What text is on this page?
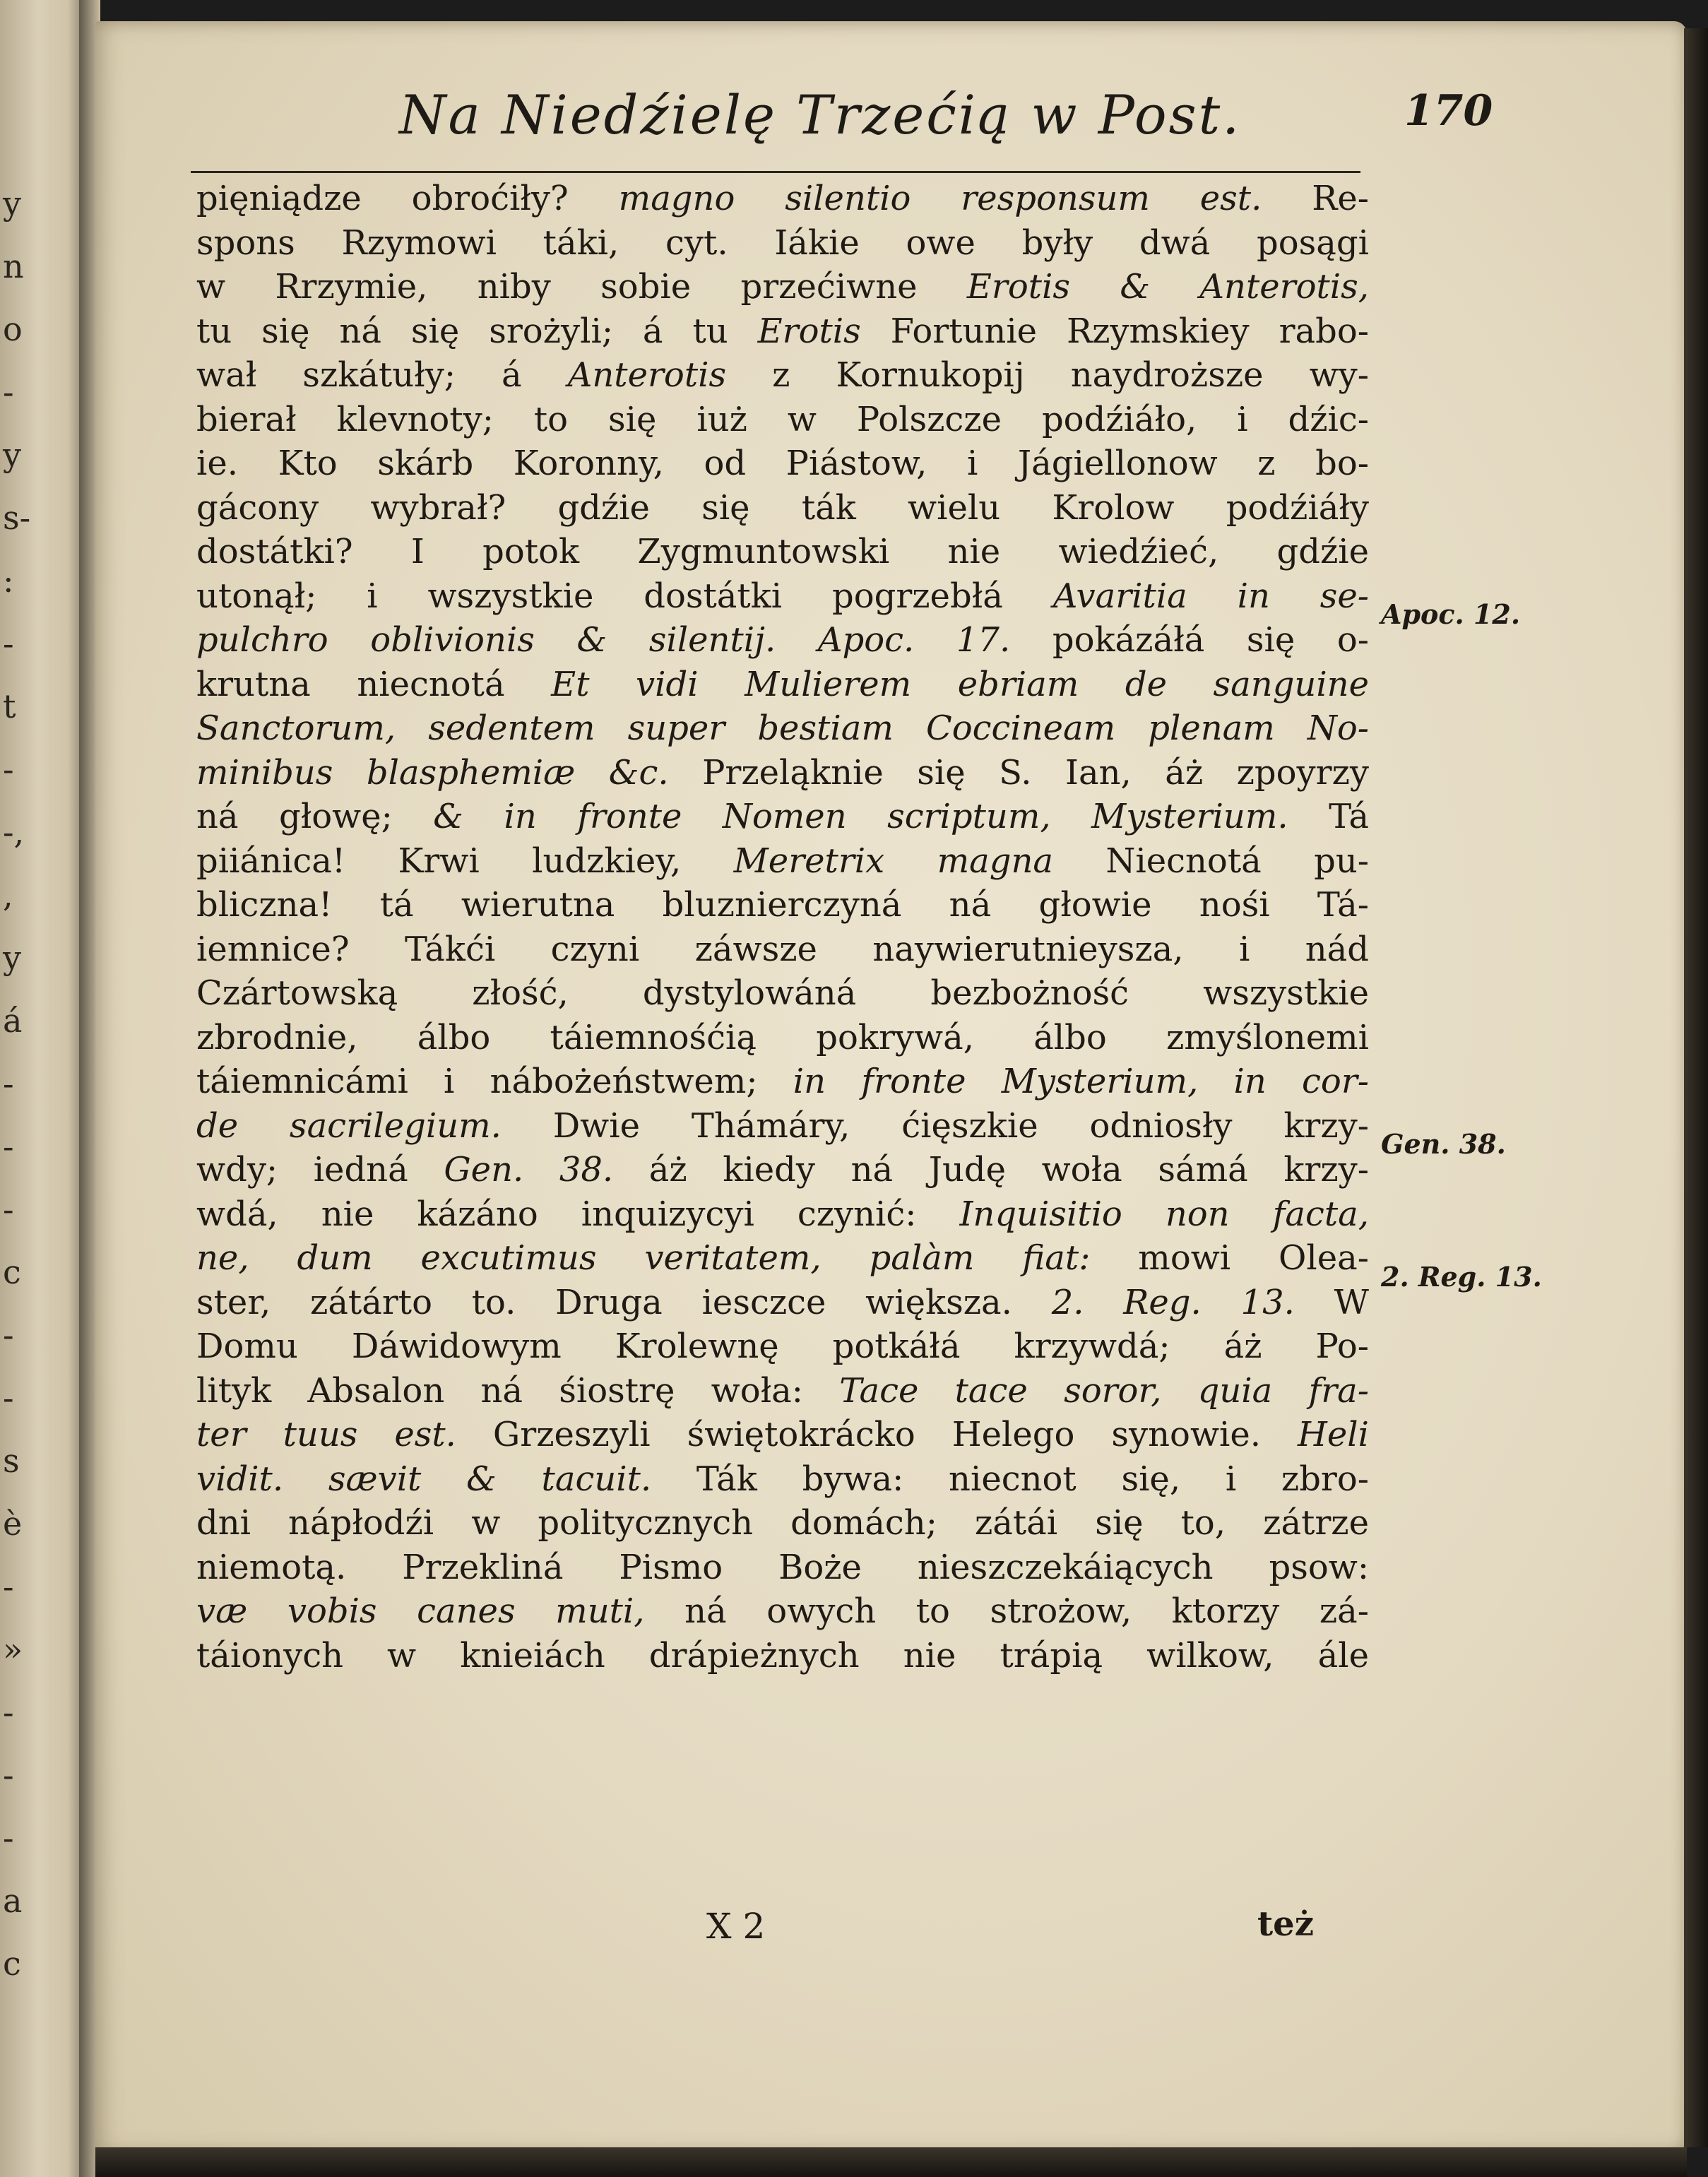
y
n
o
-
y
s-
:
-
t
-
-,
,
y
á
-
-
-
c
-
-
s
è
-
»
-
-
-
a
c
Na Niedźielę Trzećią w Post.	170
pięniądze obroćiły? magno silentio responsum est. Re-
spons Rzymowi táki, cyt. Iákie owe były dwá posągi
w Rrzymie, niby sobie przećiwne Erotis & Anterotis,
tu się ná się srożyli; á tu Erotis Fortunie Rzymskiey rabo-
wał szkátuły; á Anterotis z Kornukopij naydroższe wy-
bierał klevnoty; to się iuż w Polszcze podźiáło, i dźic-
ie. Kto skárb Koronny, od Piástow, i Jágiellonow z bo-
gácony wybrał? gdźie się ták wielu Krolow podźiáły
dostátki? I potok Zygmuntowski nie wiedźieć, gdźie
utonął; i wszystkie dostátki pogrzebłá Avaritia in se-
pulchro oblivionis & silentij. Apoc. 17. pokázáłá się o-
krutna niecnotá Et vidi Mulierem ebriam de sanguine
Sanctorum, sedentem super bestiam Coccineam plenam No-
minibus blasphemiæ &c. Przeląknie się S. Ian, áż zpoyrzy
ná głowę; & in fronte Nomen scriptum, Mysterium. Tá
piiánica! Krwi ludzkiey, Meretrix magna Niecnotá pu-
bliczna! tá wierutna bluznierczyná ná głowie nośi Tá-
iemnice? Tákći czyni záwsze naywierutnieysza, i nád
Czártowską złość, dystylowáná bezbożność wszystkie
zbrodnie, álbo táiemnośćią pokrywá, álbo zmyślonemi
táiemnicámi i nábożeństwem; in fronte Mysterium, in cor-
de sacrilegium. Dwie Thámáry, ćięszkie odniosły krzy-
wdy; iedná Gen. 38. áż kiedy ná Judę woła sámá krzy-
wdá, nie kázáno inquizycyi czynić: Inquisitio non facta,
ne, dum excutimus veritatem, palàm fiat: mowi Olea-
ster, zátárto to. Druga iesczce większa. 2. Reg. 13. W
Domu Dáwidowym Krolewnę potkáłá krzywdá; áż Po-
lityk Absalon ná śiostrę woła: Tace tace soror, quia fra-
ter tuus est. Grzeszyli świętokrácko Helego synowie. Heli
vidit. sævit & tacuit. Ták bywa: niecnot się, i zbro-
dni nápłodźi w politycznych domách; zátái się to, zátrze
niemotą. Przekliná Pismo Boże nieszczekáiących psow:
væ vobis canes muti, ná owych to strożow, ktorzy zá-
táionych w knieiách drápieżnych nie trápią wilkow, ále
Apoc. 12.
Gen. 38.
2. Reg. 13.
X 2	też
